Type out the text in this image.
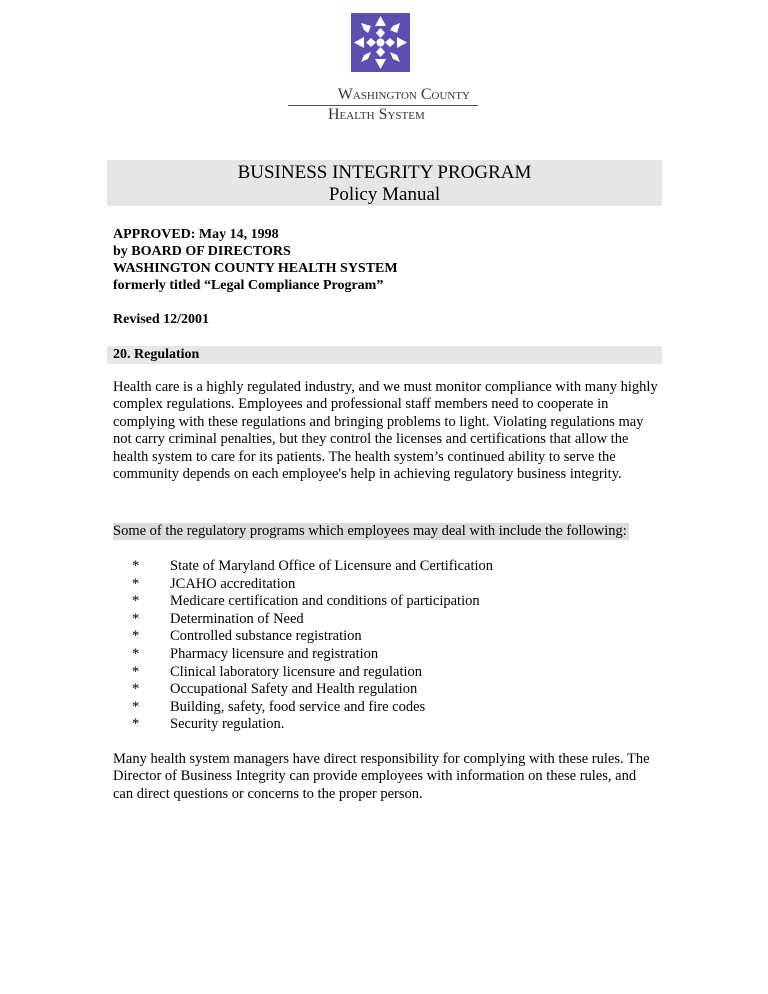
Washington County
Health System
BUSINESS INTEGRITY PROGRAM
Policy Manual
APPROVED: May 14, 1998
by BOARD OF DIRECTORS
WASHINGTON COUNTY HEALTH SYSTEM
formerly titled “Legal Compliance Program”
Revised 12/2001
20. Regulation
Health care is a highly regulated industry, and we must monitor compliance with many highly complex regulations. Employees and professional staff members need to cooperate in complying with these regulations and bringing problems to light. Violating regulations may not carry criminal penalties, but they control the licenses and certifications that allow the health system to care for its patients. The health system’s continued ability to serve the community depends on each employee's help in achieving regulatory business integrity.
Some of the regulatory programs which employees may deal with include the following:
* State of Maryland Office of Licensure and Certification
* JCAHO accreditation
* Medicare certification and conditions of participation
* Determination of Need
* Controlled substance registration
* Pharmacy licensure and registration
* Clinical laboratory licensure and regulation
* Occupational Safety and Health regulation
* Building, safety, food service and fire codes
* Security regulation.
Many health system managers have direct responsibility for complying with these rules. The Director of Business Integrity can provide employees with information on these rules, and can direct questions or concerns to the proper person.
